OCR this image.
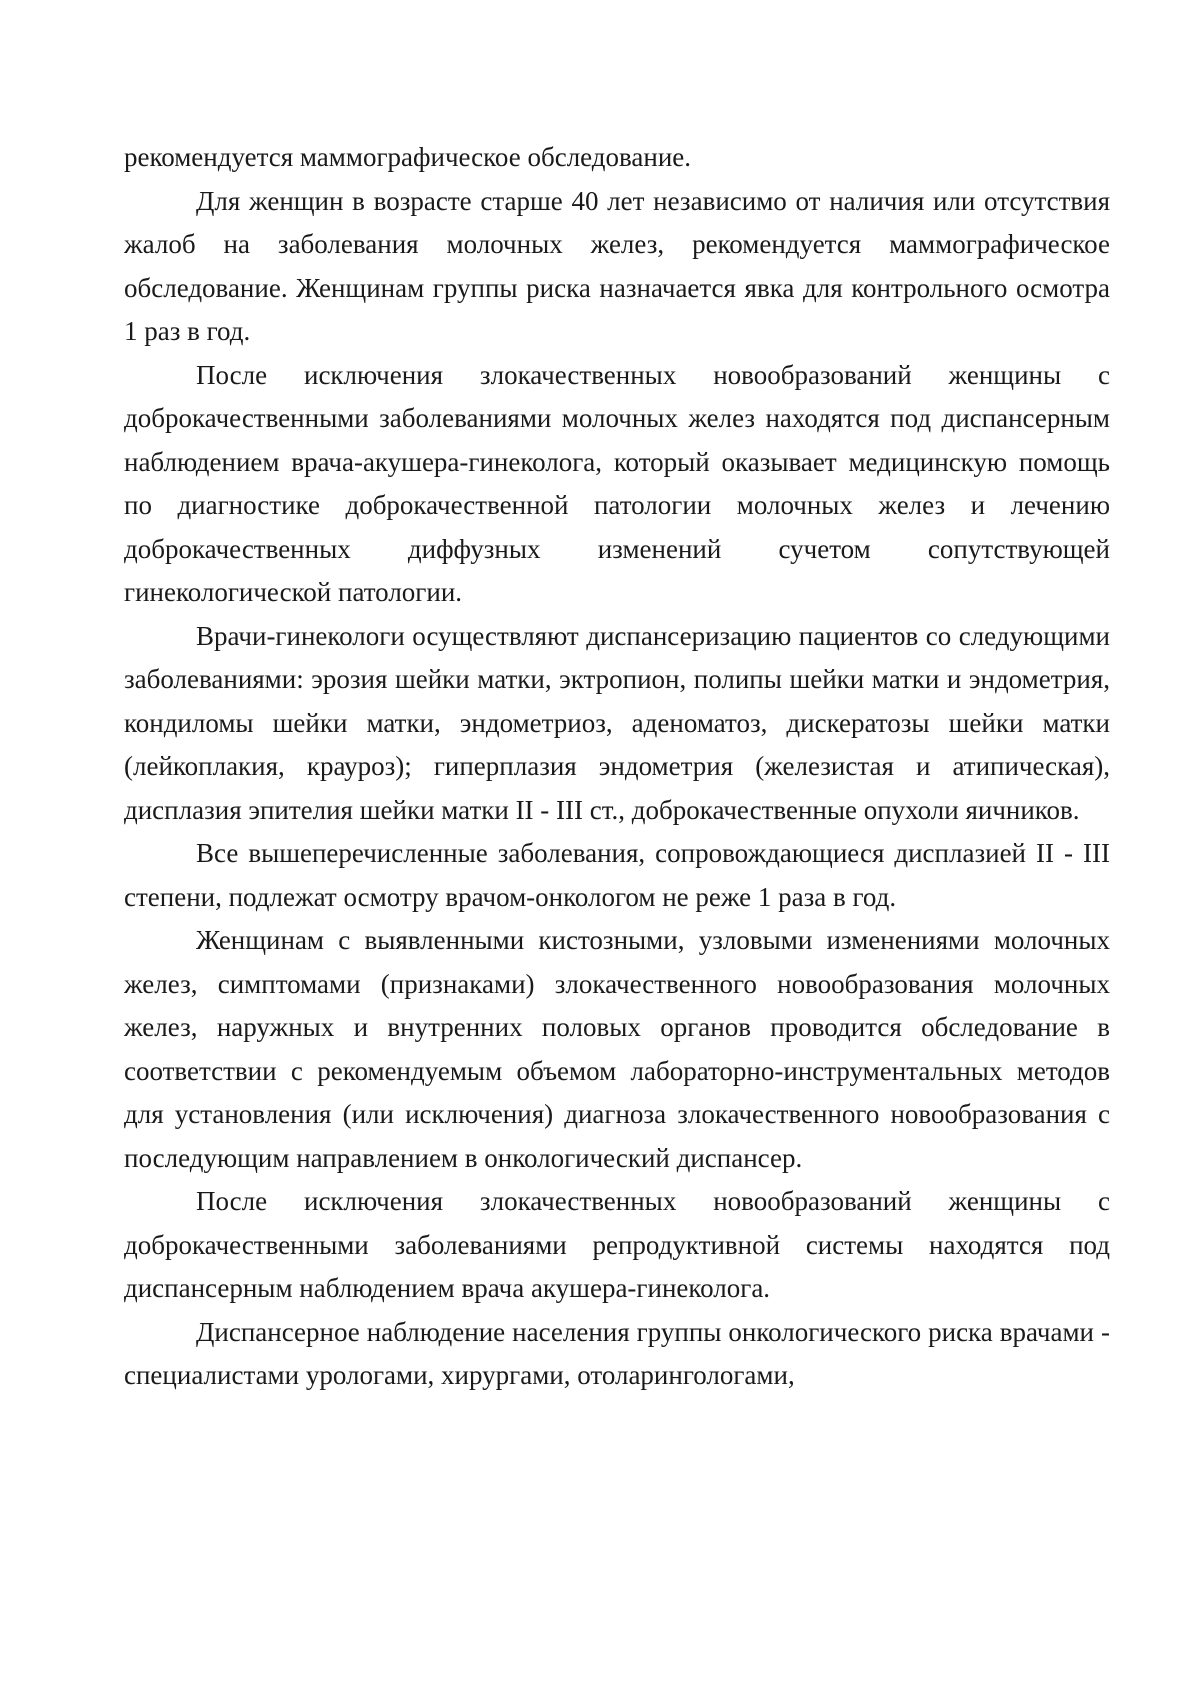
рекомендуется маммографическое обследование.

Для женщин в возрасте старше 40 лет независимо от наличия или отсутствия жалоб на заболевания молочных желез, рекомендуется маммографическое обследование. Женщинам группы риска назначается явка для контрольного осмотра 1 раз в год.

После исключения злокачественных новообразований женщины с доброкачественными заболеваниями молочных желез находятся под диспансерным наблюдением врача-акушера-гинеколога, который оказывает медицинскую помощь по диагностике доброкачественной патологии молочных желез и лечению доброкачественных диффузных изменений сучетом сопутствующей гинекологической патологии.

Врачи-гинекологи осуществляют диспансеризацию пациентов со следующими заболеваниями: эрозия шейки матки, эктропион, полипы шейки матки и эндометрия, кондиломы шейки матки, эндометриоз, аденоматоз, дискератозы шейки матки (лейкоплакия, крауроз); гиперплазия эндометрия (железистая и атипическая), дисплазия эпителия шейки матки II - III ст., доброкачественные опухоли яичников.

Все вышеперечисленные заболевания, сопровождающиеся дисплазией II - III степени, подлежат осмотру врачом-онкологом не реже 1 раза в год.

Женщинам с выявленными кистозными, узловыми изменениями молочных желез, симптомами (признаками) злокачественного новообразования молочных желез, наружных и внутренних половых органов проводится обследование в соответствии с рекомендуемым объемом лабораторно-инструментальных методов для установления (или исключения) диагноза злокачественного новообразования с последующим направлением в онкологический диспансер.

После исключения злокачественных новообразований женщины с доброкачественными заболеваниями репродуктивной системы находятся под диспансерным наблюдением врача акушера-гинеколога.

Диспансерное наблюдение населения группы онкологического риска врачами - специалистами урологами, хирургами, отоларингологами,
